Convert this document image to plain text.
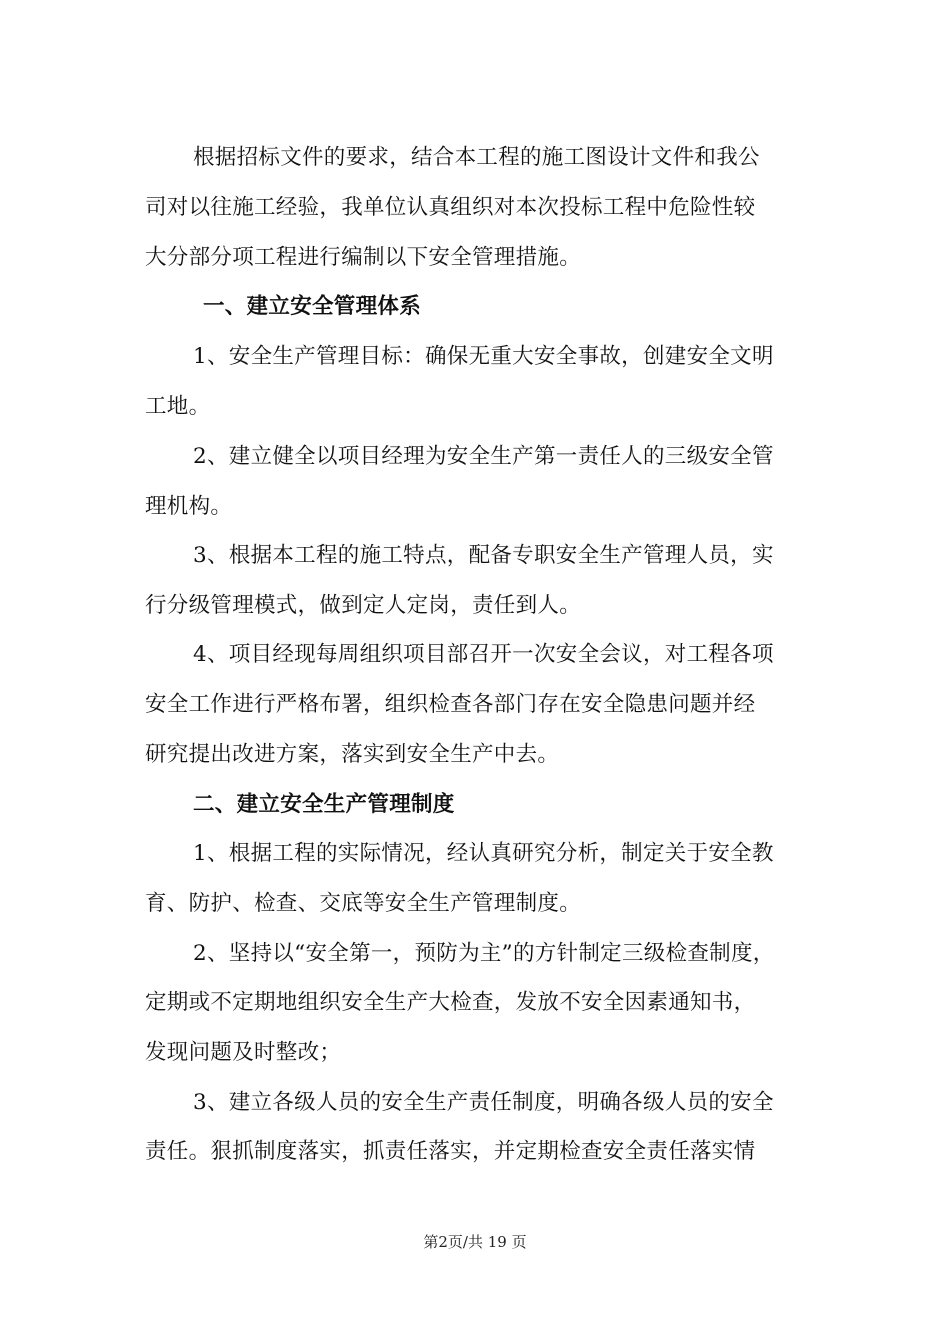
根据招标文件的要求，结合本工程的施工图设计文件和我公
司对以往施工经验，我单位认真组织对本次投标工程中危险性较
大分部分项工程进行编制以下安全管理措施。
一、建立安全管理体系
1、安全生产管理目标：确保无重大安全事故，创建安全文明
工地。
2、建立健全以项目经理为安全生产第一责任人的三级安全管
理机构。
3、根据本工程的施工特点，配备专职安全生产管理人员，实
行分级管理模式，做到定人定岗，责任到人。
4、项目经现每周组织项目部召开一次安全会议，对工程各项
安全工作进行严格布署，组织检查各部门存在安全隐患问题并经
研究提出改进方案，落实到安全生产中去。
二、建立安全生产管理制度
1、根据工程的实际情况，经认真研究分析，制定关于安全教
育、防护、检查、交底等安全生产管理制度。
2、坚持以“安全第一，预防为主”的方针制定三级检查制度，
定期或不定期地组织安全生产大检查，发放不安全因素通知书，
发现问题及时整改；
3、建立各级人员的安全生产责任制度，明确各级人员的安全
责任。狠抓制度落实，抓责任落实，并定期检查安全责任落实情
第2页/共 19 页
